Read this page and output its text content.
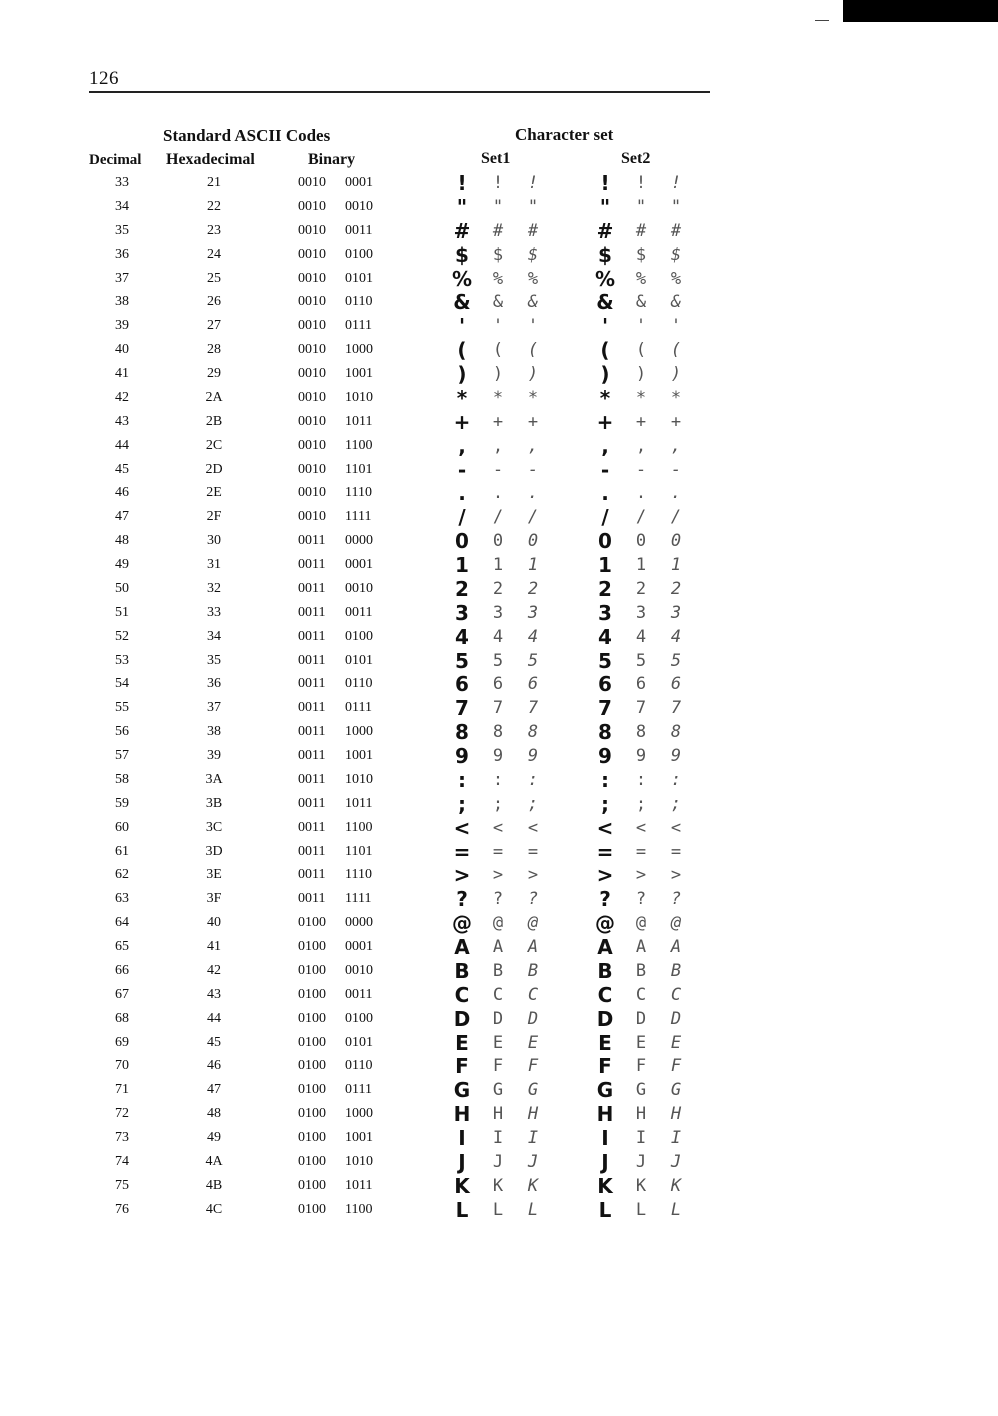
126
Standard ASCII Codes	Character set
Decimal Hexadecimal	Binary	Set1	Set2
33	21	0010 0001	!	!	!	!	!	!
34	22	0010 0010	"	"	"	"	"	"
35	23	0010 0011	#	#	#	#	#	#
36	24	0010 0100	$	$	$	$	$	$
37	25	0010 0101	%	%	%	%	%	%
38	26	0010 0110	&	&	&	&	&	&
39	27	0010 0111	'	'	'	'	'	'
40	28	0010 1000	(	(	(	(	(	(
41	29	0010 1001	)	)	)	)	)	)
42	2A	0010 1010	*	*	*	*	*	*
43	2B	0010 1011	+	+	+	+	+	+
44	2C	0010 1100	,	,	,	,	,	,
45	2D	0010 1101	-	-	-	-	-	-
46	2E	0010 1110	.	.	.	.	.	.
47	2F	0010 1111	/	/	/	/	/	/
48	30	0011 0000	0	0	0	0	0	0
49	31	0011 0001	1	1	1	1	1	1
50	32	0011 0010	2	2	2	2	2	2
51	33	0011 0011	3	3	3	3	3	3
52	34	0011 0100	4	4	4	4	4	4
53	35	0011 0101	5	5	5	5	5	5
54	36	0011 0110	6	6	6	6	6	6
55	37	0011 0111	7	7	7	7	7	7
56	38	0011 1000	8	8	8	8	8	8
57	39	0011 1001	9	9	9	9	9	9
58	3A	0011 1010	:	:	:	:	:	:
59	3B	0011 1011	;	;	;	;	;	;
60	3C	0011 1100	<	<	<	<	<	<
61	3D	0011 1101	=	=	=	=	=	=
62	3E	0011 1110	>	>	>	>	>	>
63	3F	0011 1111	?	?	?	?	?	?
64	40	0100 0000	@	@	@	@	@	@
65	41	0100 0001	A	A	A	A	A	A
66	42	0100 0010	B	B	B	B	B	B
67	43	0100 0011	C	C	C	C	C	C
68	44	0100 0100	D	D	D	D	D	D
69	45	0100 0101	E	E	E	E	E	E
70	46	0100 0110	F	F	F	F	F	F
71	47	0100 0111	G	G	G	G	G	G
72	48	0100 1000	H	H	H	H	H	H
73	49	0100 1001	I	I	I	I	I	I
74	4A	0100 1010	J	J	J	J	J	J
75	4B	0100 1011	K	K	K	K	K	K
76	4C	0100 1100	L	L	L	L	L	L
